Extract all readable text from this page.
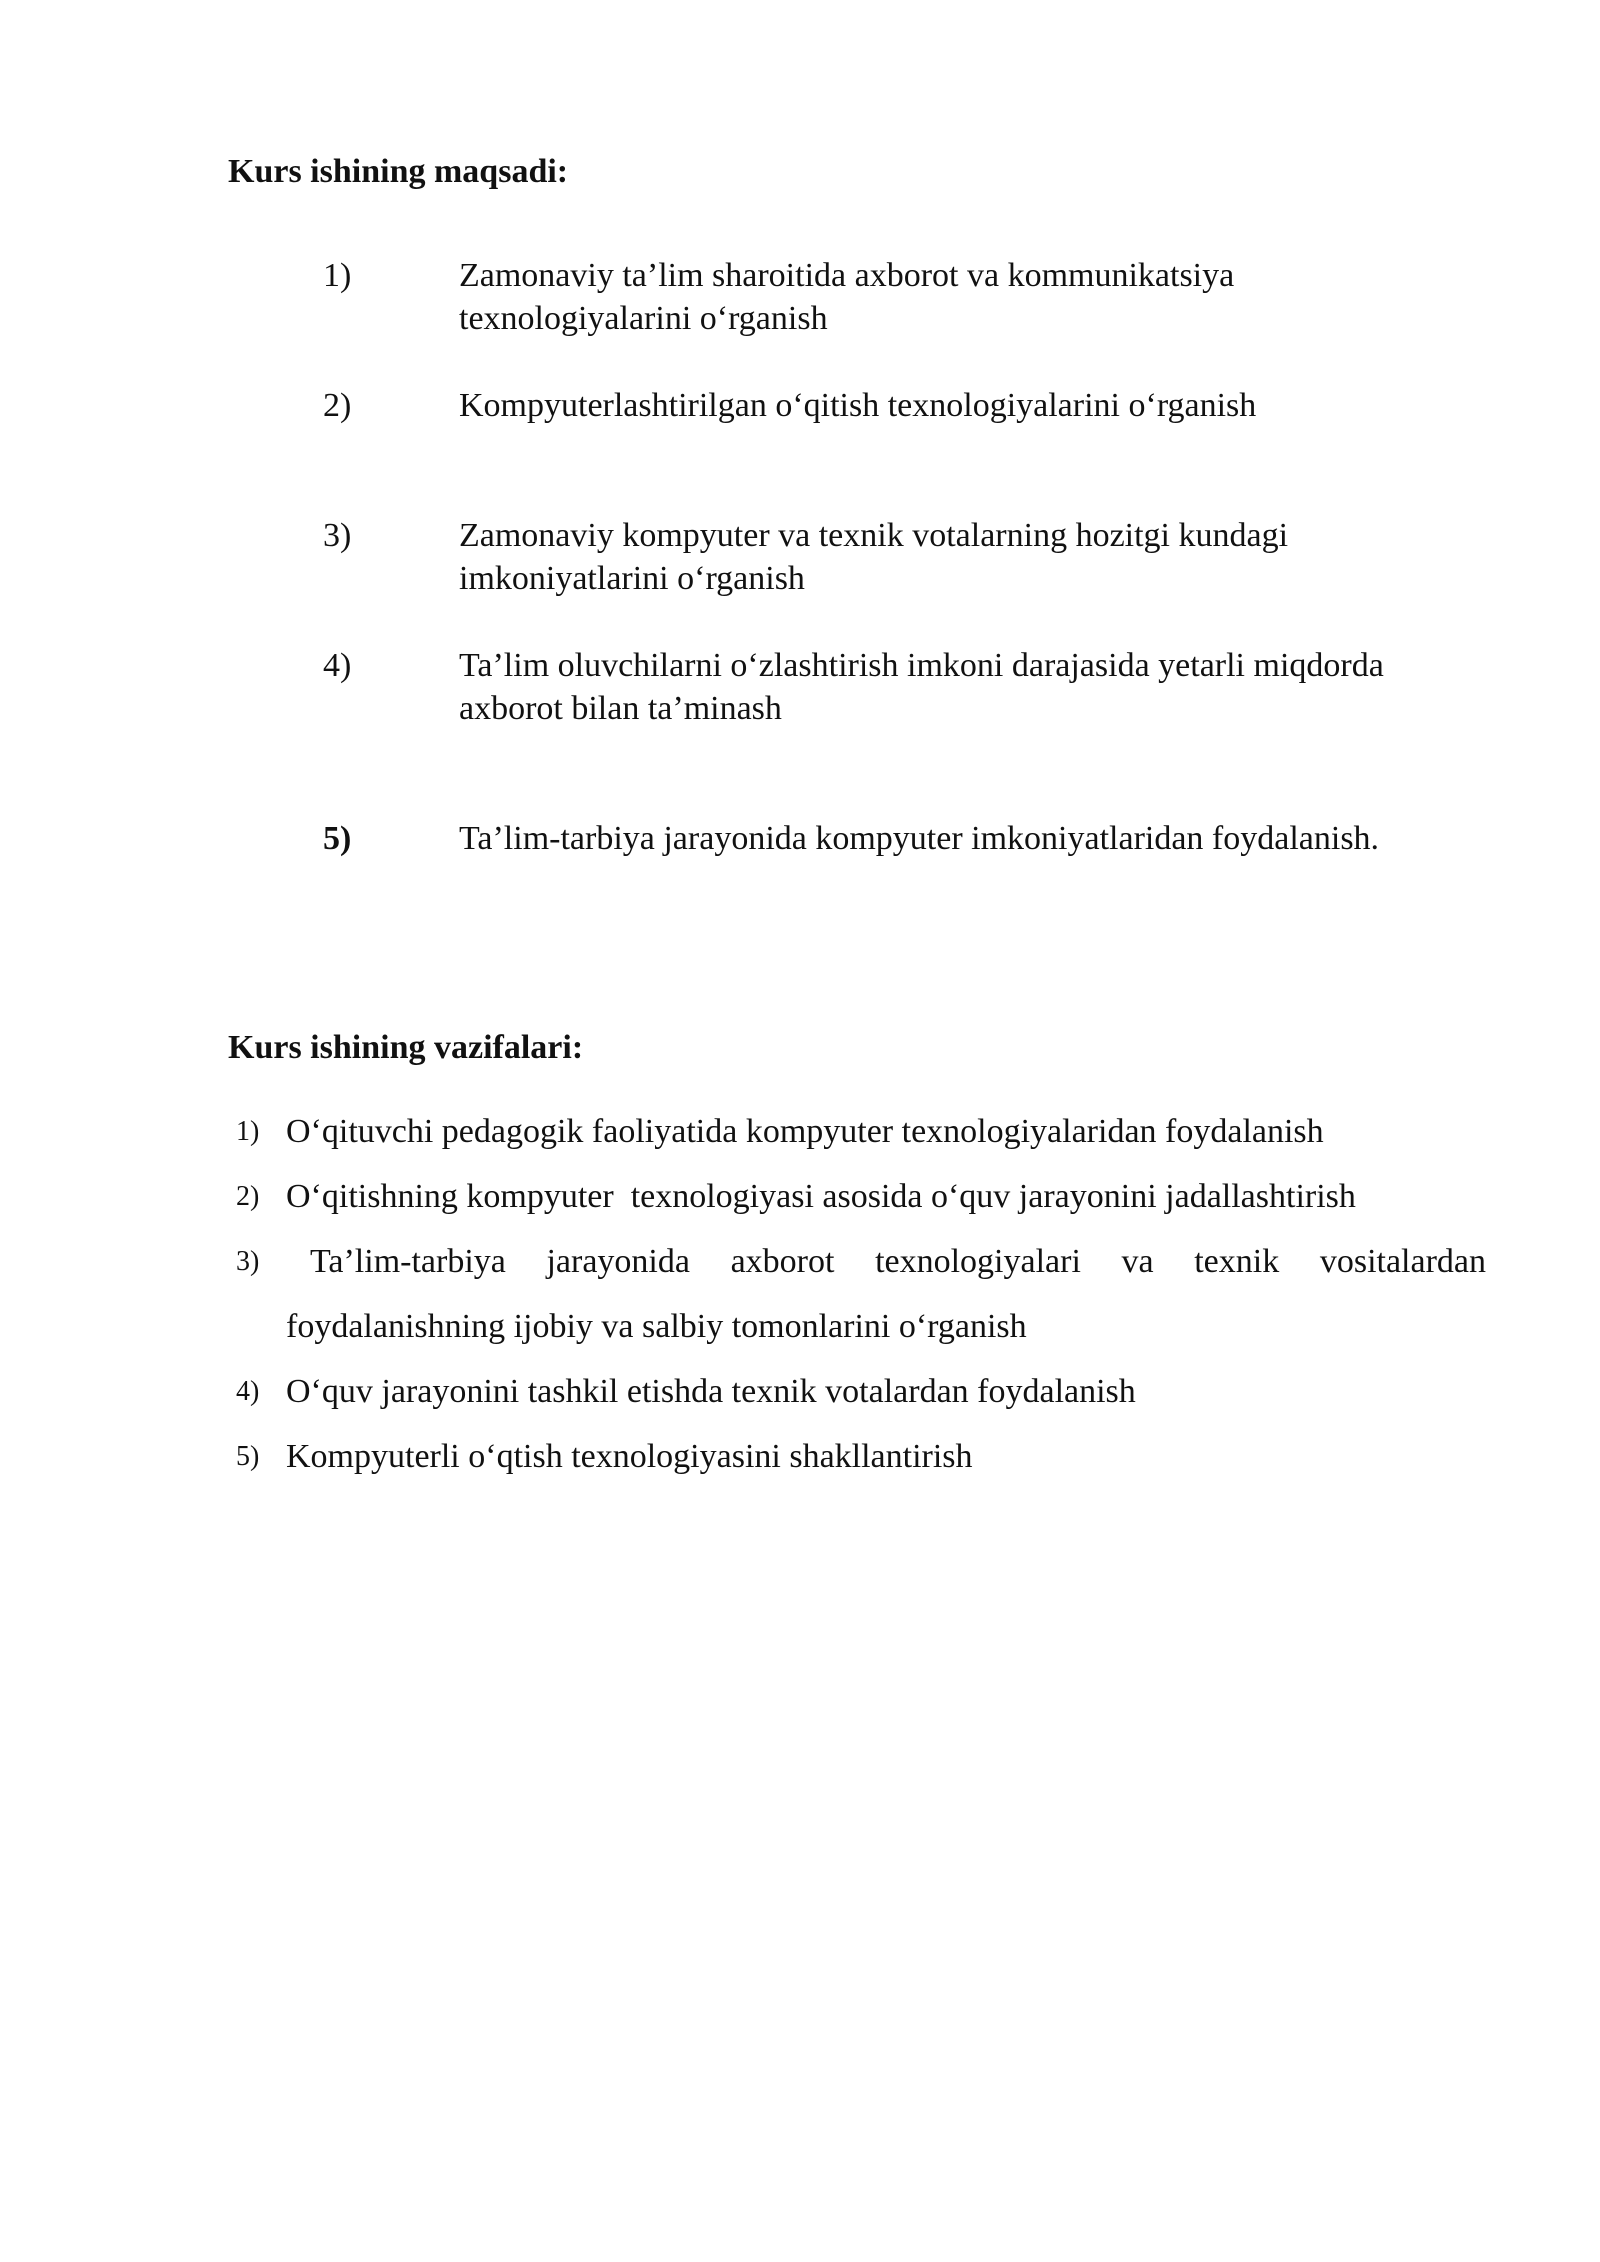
Kurs ishining maqsadi:
1)	Zamonaviy ta’lim sharoitida axborot va kommunikatsiya
texnologiyalarini o‘rganish
2)	Kompyuterlashtirilgan o‘qitish texnologiyalarini o‘rganish
3)	Zamonaviy kompyuter va texnik votalarning hozitgi kundagi
imkoniyatlarini o‘rganish
4)	Ta’lim oluvchilarni o‘zlashtirish imkoni darajasida yetarli miqdorda
axborot bilan ta’minash
5)	Ta’lim-tarbiya jarayonida kompyuter imkoniyatlaridan foydalanish.
Kurs ishining vazifalari:
1) O‘qituvchi pedagogik faoliyatida kompyuter texnologiyalaridan foydalanish
2) O‘qitishning kompyuter  texnologiyasi asosida o‘quv jarayonini jadallashtirish
3)	Ta’lim-tarbiya jarayonida axborot texnologiyalari va texnik vositalardan foydalanishning ijobiy va salbiy tomonlarini o‘rganish
4) O‘quv jarayonini tashkil etishda texnik votalardan foydalanish
5) Kompyuterli o‘qtish texnologiyasini shakllantirish
